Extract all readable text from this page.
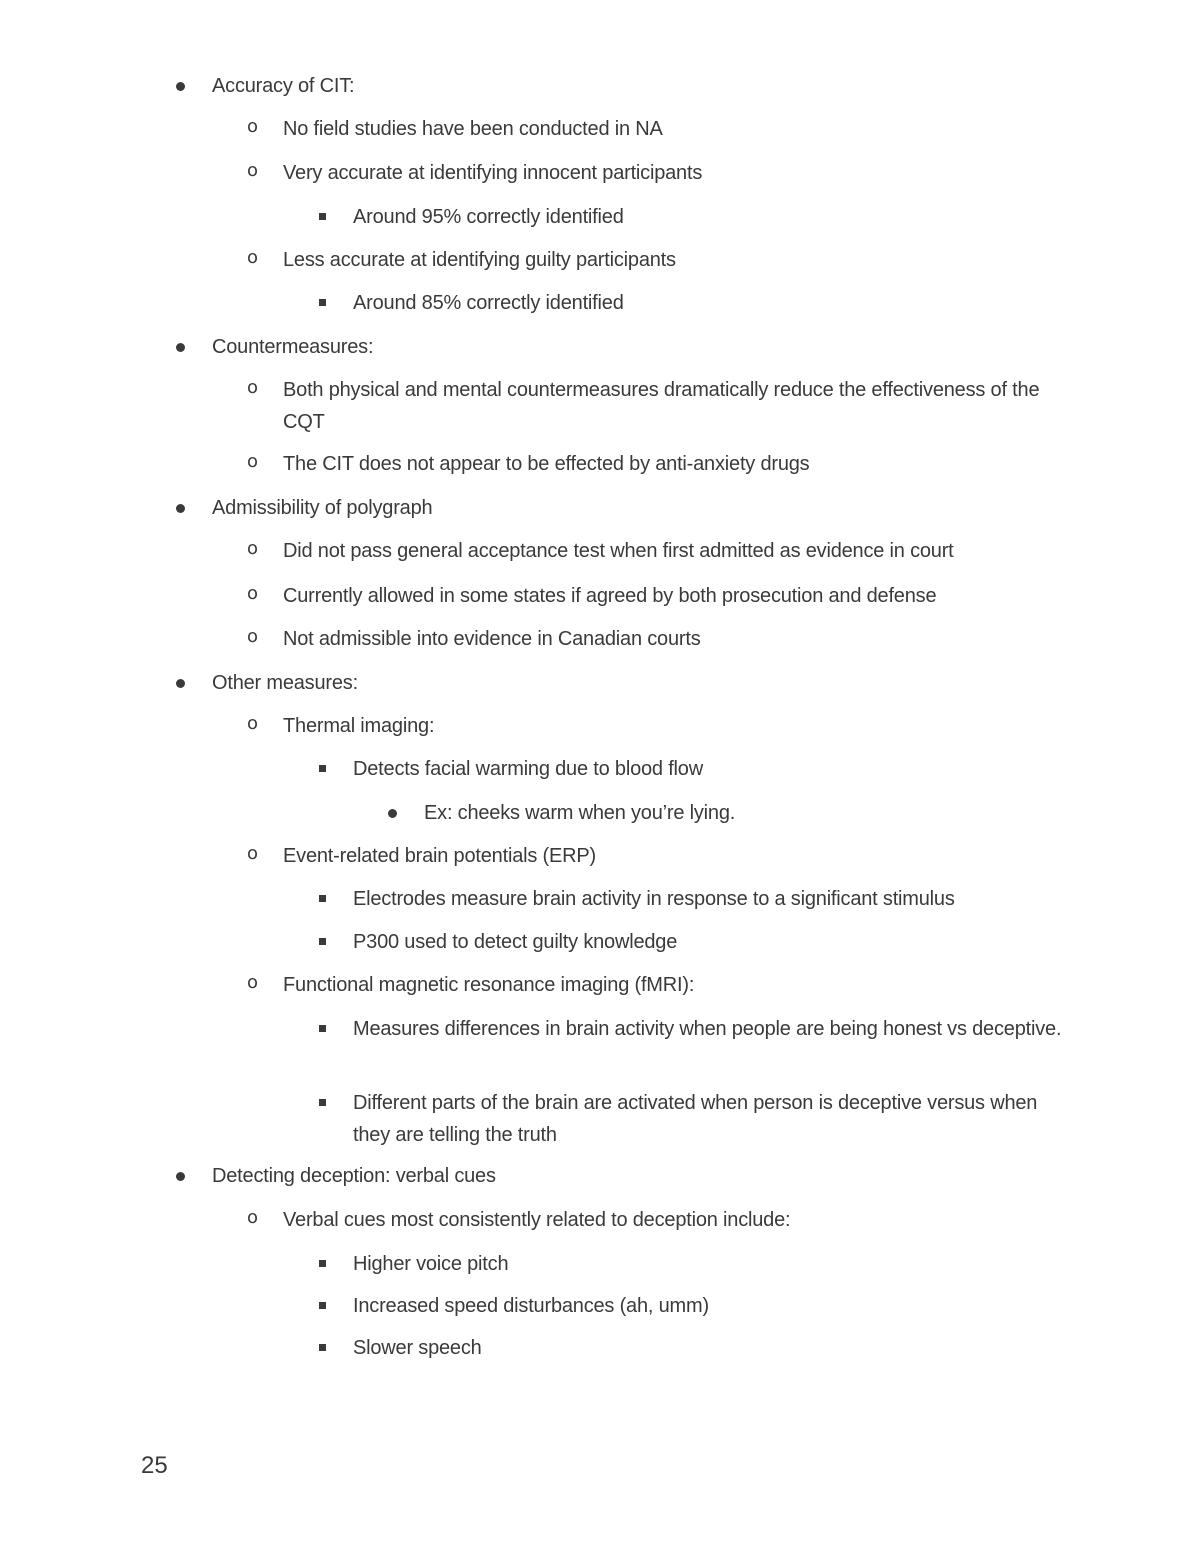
Accuracy of CIT:
o No field studies have been conducted in NA
o Very accurate at identifying innocent participants
Around 95% correctly identified
o Less accurate at identifying guilty participants
Around 85% correctly identified
Countermeasures:
o Both physical and mental countermeasures dramatically reduce the effectiveness of the CQT
o The CIT does not appear to be effected by anti-anxiety drugs
Admissibility of polygraph
o Did not pass general acceptance test when first admitted as evidence in court
o Currently allowed in some states if agreed by both prosecution and defense
o Not admissible into evidence in Canadian courts
Other measures:
o Thermal imaging:
Detects facial warming due to blood flow
Ex: cheeks warm when you’re lying.
o Event-related brain potentials (ERP)
Electrodes measure brain activity in response to a significant stimulus
P300 used to detect guilty knowledge
o Functional magnetic resonance imaging (fMRI):
Measures differences in brain activity when people are being honest vs deceptive.
Different parts of the brain are activated when person is deceptive versus when they are telling the truth
Detecting deception: verbal cues
o Verbal cues most consistently related to deception include:
Higher voice pitch
Increased speed disturbances (ah, umm)
Slower speech
25
